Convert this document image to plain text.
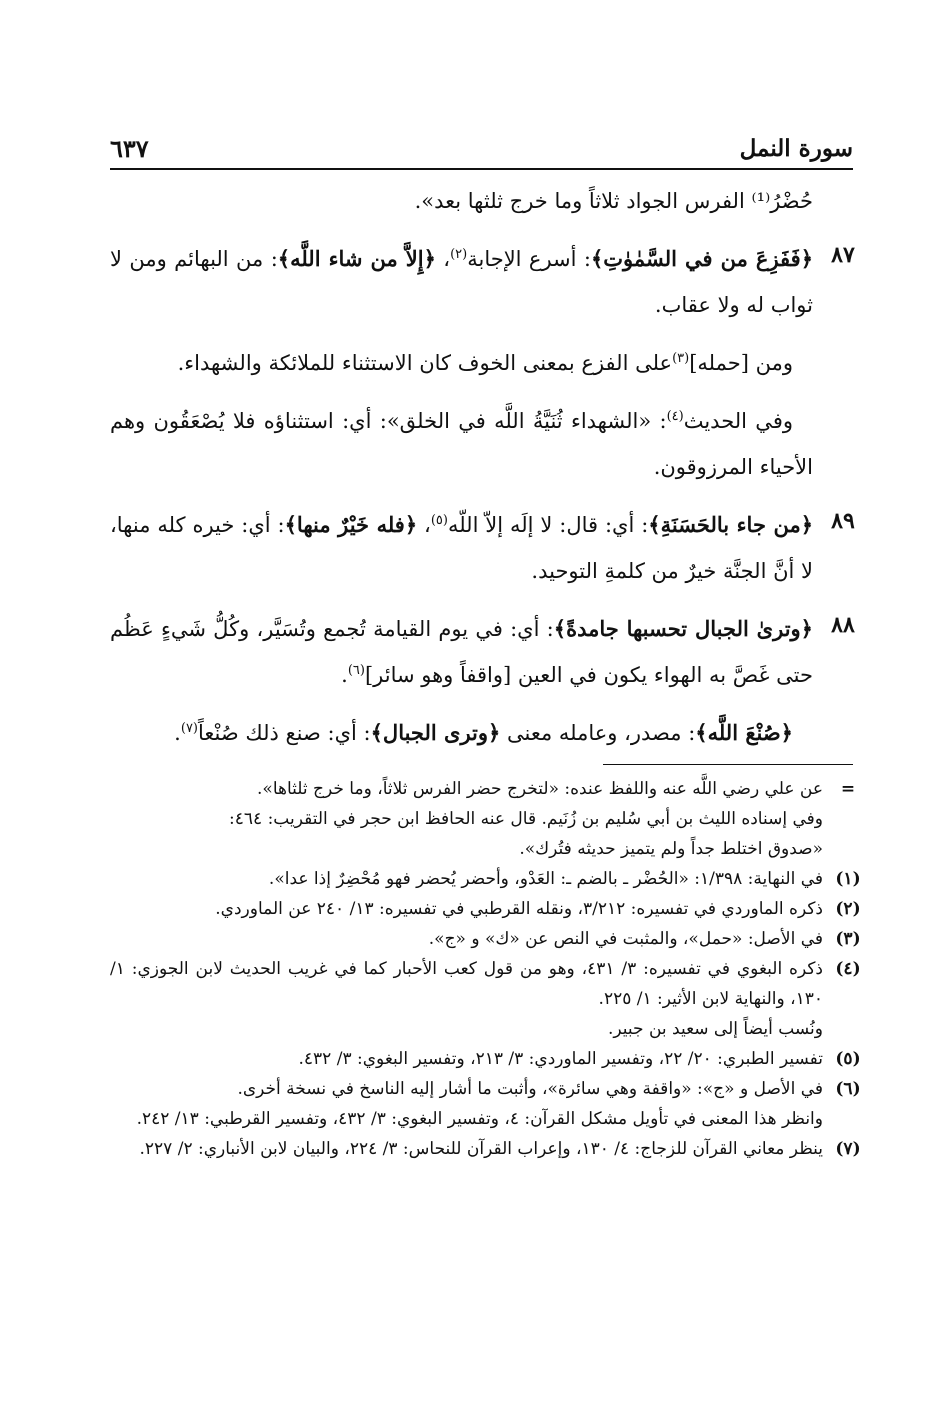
سورة النمل
٦٣٧
حُضْرُ⁽¹⁾ الفرس الجواد ثلاثاً وما خرج ثلثها بعد».
٨٧
﴿فَفَزِعَ من في السَّمٰوٰتِ﴾: أسرع الإجابة$^{(٢)}$، ﴿إِلاَّ من شاء اللَّه﴾: من البهائم ومن لا ثواب له ولا عقاب.
ومن [حمله]$^{(٣)}$على الفزع بمعنى الخوف كان الاستثناء للملائكة والشهداء.
وفي الحديث$^{(٤)}$: «الشهداء ثُنَيَّةُ اللَّه في الخلق»: أي: استثناؤه فلا يُصْعَقُون وهم الأحياء المرزوقون.
٨٩
﴿من جاء بالحَسَنَةِ﴾: أي: قال: لا إلَه إلاّ اللّه$^{(٥)}$، ﴿فله خَيْرٌ منها﴾: أي: خيره كله منها، لا أنَّ الجنَّة خيرٌ من كلمةِ التوحيد.
٨٨
﴿وترىٰ الجبال تحسبها جامدةً﴾: أي: في يوم القيامة تُجمع وتُسَيَّر، وكُلُّ شَيءٍ عَظُم حتى غَصَّ به الهواء يكون في العين [واقفاً وهو سائر]$^{(٦)}$.
﴿صُنْعَ اللَّه﴾: مصدر، وعامله معنى ﴿وترى الجبال﴾: أي: صنع ذلك صُنْعاً$^{(٧)}$.
=
عن علي رضي اللَّه عنه واللفظ عنده: «لتخرج حضر الفرس ثلاثاً، وما خرج ثلثاها».
وفي إسناده الليث بن أبي سُليم بن زُنَيم. قال عنه الحافظ ابن حجر في التقريب: ٤٦٤:
«صدوق اختلط جداً ولم يتميز حديثه فتُرك».
(١)
في النهاية: ١/٣٩٨: «الحُضْر ـ بالضم ـ: العَدْو، وأحضر يُحضر فهو مُحْضِرٌ إذا عدا».
(٢)
ذكره الماوردي في تفسيره: ٣/٢١٢، ونقله القرطبي في تفسيره: ١٣/ ٢٤٠ عن الماوردي.
(٣)
في الأصل: «حمل»، والمثبت في النص عن «ك» و «ج».
(٤)
ذكره البغوي في تفسيره: ٣/ ٤٣١، وهو من قول كعب الأحبار كما في غريب الحديث لابن الجوزي: ١/ ١٣٠، والنهاية لابن الأثير: ١/ ٢٢٥.
ونُسب أيضاً إلى سعيد بن جبير.
(٥)
تفسير الطبري: ٢٠/ ٢٢، وتفسير الماوردي: ٣/ ٢١٣، وتفسير البغوي: ٣/ ٤٣٢.
(٦)
في الأصل و «ج»: «واقفة وهي سائرة»، وأثبت ما أشار إليه الناسخ في نسخة أخرى.
وانظر هذا المعنى في تأويل مشكل القرآن: ٤، وتفسير البغوي: ٣/ ٤٣٢، وتفسير القرطبي: ١٣/ ٢٤٢.
(٧)
ينظر معاني القرآن للزجاج: ٤/ ١٣٠، وإعراب القرآن للنحاس: ٣/ ٢٢٤، والبيان لابن الأنباري: ٢/ ٢٢٧.
